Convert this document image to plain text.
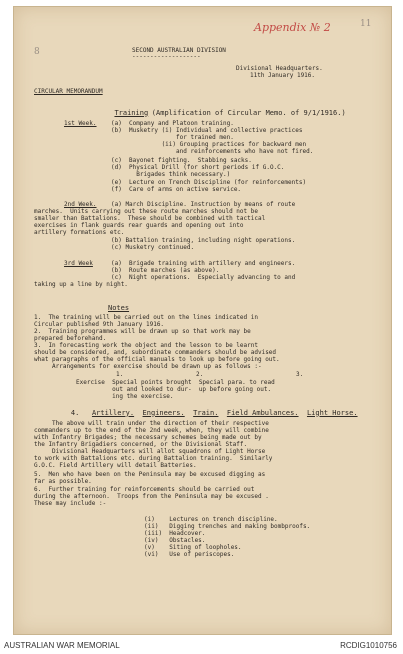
Appendix № 2	11
8	SECOND AUSTRALIAN DIVISION
-------------------
Divisional Headquarters.
11th January 1916.
CIRCULAR MEMORANDUM

Training (Amplification of Circular Memo. of 9/1/1916.)

1st Week. (a)  Company and Platoon training.
(b)  Musketry (i) Individual and collective practices
for trained men.
(ii) Grouping practices for backward men
and reinforcements who have not fired.
(c)  Bayonet fighting.  Stabbing sacks.
(d)  Physical Drill (for short periods if G.O.C.
Brigades think necessary.)
(e)  Lecture on Trench Discipline (for reinforcements)
(f)  Care of arms on active service.
2nd Week. (a) March Discipline. Instruction by means of route
marches.  Units carrying out these route marches should not be
smaller than Battalions.  These should be combined with tactical
exercises in flank guards rear guards and opening out into
artillery formations etc.
(b) Battalion training, including night operations.
(c) Musketry continued.
3rd Week	(a)  Brigade training with artillery and engineers.
(b)  Route marches (as above).
(c)  Night operations.  Especially advancing to and
taking up a line by night.
Notes
1.  The training will be carried out on the lines indicated in
Circular published 9th January 1916.
2.  Training programmes will be drawn up so that work may be
prepared beforehand.
3.  In forecasting work the object and the lesson to be learnt
should be considered, and, subordinate commanders should be advised
what paragraphs of the official manuals to look up before going out.
Arrangements for exercise should be drawn up as follows :-
1.	2.	3.
Exercise  Special points brought  Special para. to read
out and looked to dur-  up before going out.
ing the exercise.

4. Artillery. Engineers. Train. Field Ambulances. Light Horse.

The above will train under the direction of their respective
commanders up to the end of the 2nd week, when, they will combine
with Infantry Brigades; the necessary schemes being made out by
the Infantry Brigadiers concerned, or the Divisional Staff.
Divisional Headquarters will allot squadrons of Light Horse
to work with Battalions etc. during Battalion training.  Similarly
G.O.C. Field Artillery will detail Batteries.
5.  Men who have been on the Peninsula may be excused digging as
far as possible.
6.  Further training for reinforcements should be carried out
during the afternoon.  Troops from the Peninsula may be excused .
These may include :-
(i)    Lectures on trench discipline.
(ii)   Digging trenches and making bombproofs.
(iii)  Headcover.
(iv)   Obstacles.
(v)    Siting of loopholes.
(vi)   Use of periscopes.
AUSTRALIAN WAR MEMORIAL	RCDIG1010756
